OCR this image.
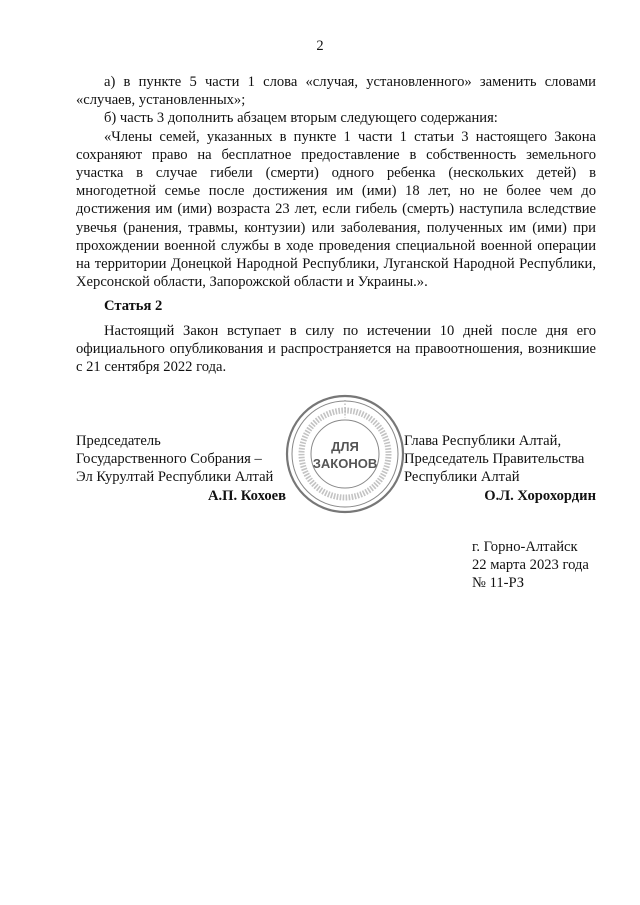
2

а) в пункте 5 части 1 слова «случая, установленного» заменить словами «случаев, установленных»;

б) часть 3 дополнить абзацем вторым следующего содержания:

«Члены семей, указанных в пункте 1 части 1 статьи 3 настоящего Закона сохраняют право на бесплатное предоставление в собственность земельного участка в случае гибели (смерти) одного ребенка (нескольких детей) в многодетной семье после достижения им (ими) 18 лет, но не более чем до достижения им (ими) возраста 23 лет, если гибель (смерть) наступила вследствие увечья (ранения, травмы, контузии) или заболевания, полученных им (ими) при прохождении военной службы в ходе проведения специальной военной операции на территории Донецкой Народной Республики, Луганской Народной Республики, Херсонской области, Запорожской области и Украины.».

Статья 2

Настоящий Закон вступает в силу по истечении 10 дней после дня его официального опубликования и распространяется на правоотношения, возникшие с 21 сентября 2022 года.

Председатель
Государственного Собрания –
Эл Курултай Республики Алтай
А.П. Кохоев
ДЛЯ
ЗАКОНОВ
Глава Республики Алтай,
Председатель Правительства
Республики Алтай
О.Л. Хорохордин
г. Горно-Алтайск
22 марта 2023 года
№ 11-РЗ
